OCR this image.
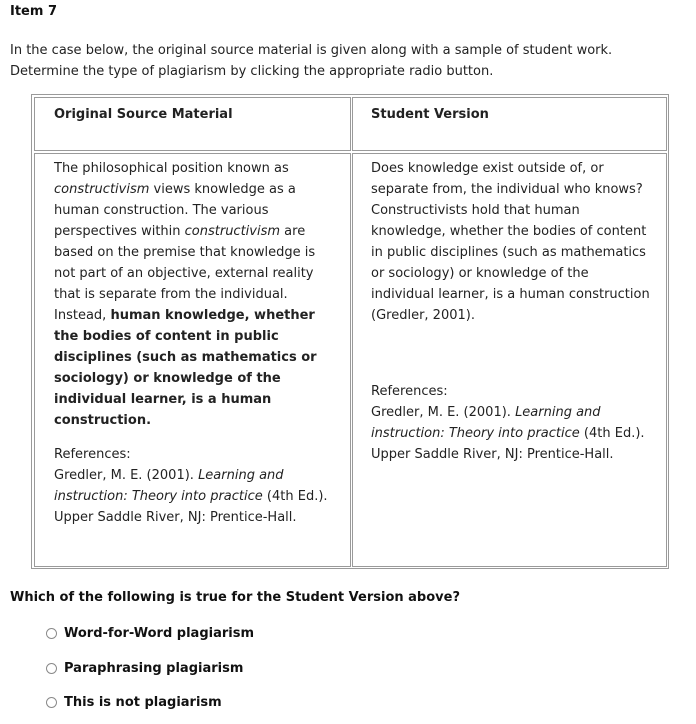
Item 7
In the case below, the original source material is given along with a sample of student work. Determine the type of plagiarism by clicking the appropriate radio button.
Original Source Material	Student Version

The philosophical position known as constructivism views knowledge as a human construction. The various perspectives within constructivism are based on the premise that knowledge is not part of an objective, external reality that is separate from the individual. Instead, human knowledge, whether the bodies of content in public disciplines (such as mathematics or sociology) or knowledge of the individual learner, is a human construction.

References:
Gredler, M. E. (2001). Learning and instruction: Theory into practice (4th Ed.). Upper Saddle River, NJ: Prentice-Hall.

Does knowledge exist outside of, or separate from, the individual who knows? Constructivists hold that human knowledge, whether the bodies of content in public disciplines (such as mathematics or sociology) or knowledge of the individual learner, is a human construction (Gredler, 2001).

References:
Gredler, M. E. (2001). Learning and instruction: Theory into practice (4th Ed.). Upper Saddle River, NJ: Prentice-Hall.

Which of the following is true for the Student Version above?
Word-for-Word plagiarism
Paraphrasing plagiarism
This is not plagiarism
